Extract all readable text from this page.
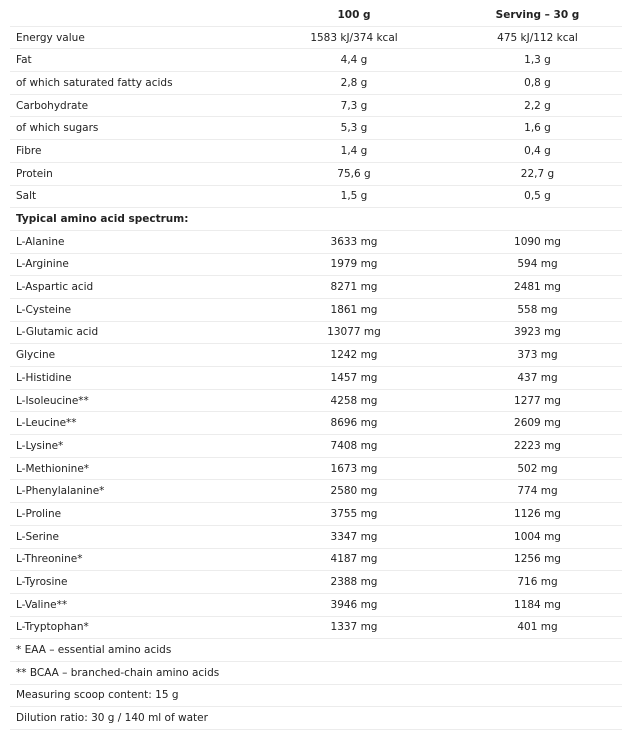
	100 g	Serving – 30 g
Energy value	1583 kJ/374 kcal	475 kJ/112 kcal
Fat	4,4 g	1,3 g
of which saturated fatty acids	2,8 g	0,8 g
Carbohydrate	7,3 g	2,2 g
of which sugars	5,3 g	1,6 g
Fibre	1,4 g	0,4 g
Protein	75,6 g	22,7 g
Salt	1,5 g	0,5 g
Typical amino acid spectrum:		
L-Alanine	3633 mg	1090 mg
L-Arginine	1979 mg	594 mg
L-Aspartic acid	8271 mg	2481 mg
L-Cysteine	1861 mg	558 mg
L-Glutamic acid	13077 mg	3923 mg
Glycine	1242 mg	373 mg
L-Histidine	1457 mg	437 mg
L-Isoleucine**	4258 mg	1277 mg
L-Leucine**	8696 mg	2609 mg
L-Lysine*	7408 mg	2223 mg
L-Methionine*	1673 mg	502 mg
L-Phenylalanine*	2580 mg	774 mg
L-Proline	3755 mg	1126 mg
L-Serine	3347 mg	1004 mg
L-Threonine*	4187 mg	1256 mg
L-Tyrosine	2388 mg	716 mg
L-Valine**	3946 mg	1184 mg
L-Tryptophan*	1337 mg	401 mg
* EAA – essential amino acids		
** BCAA – branched-chain amino acids		
Measuring scoop content: 15 g		
Dilution ratio: 30 g / 140 ml of water		
